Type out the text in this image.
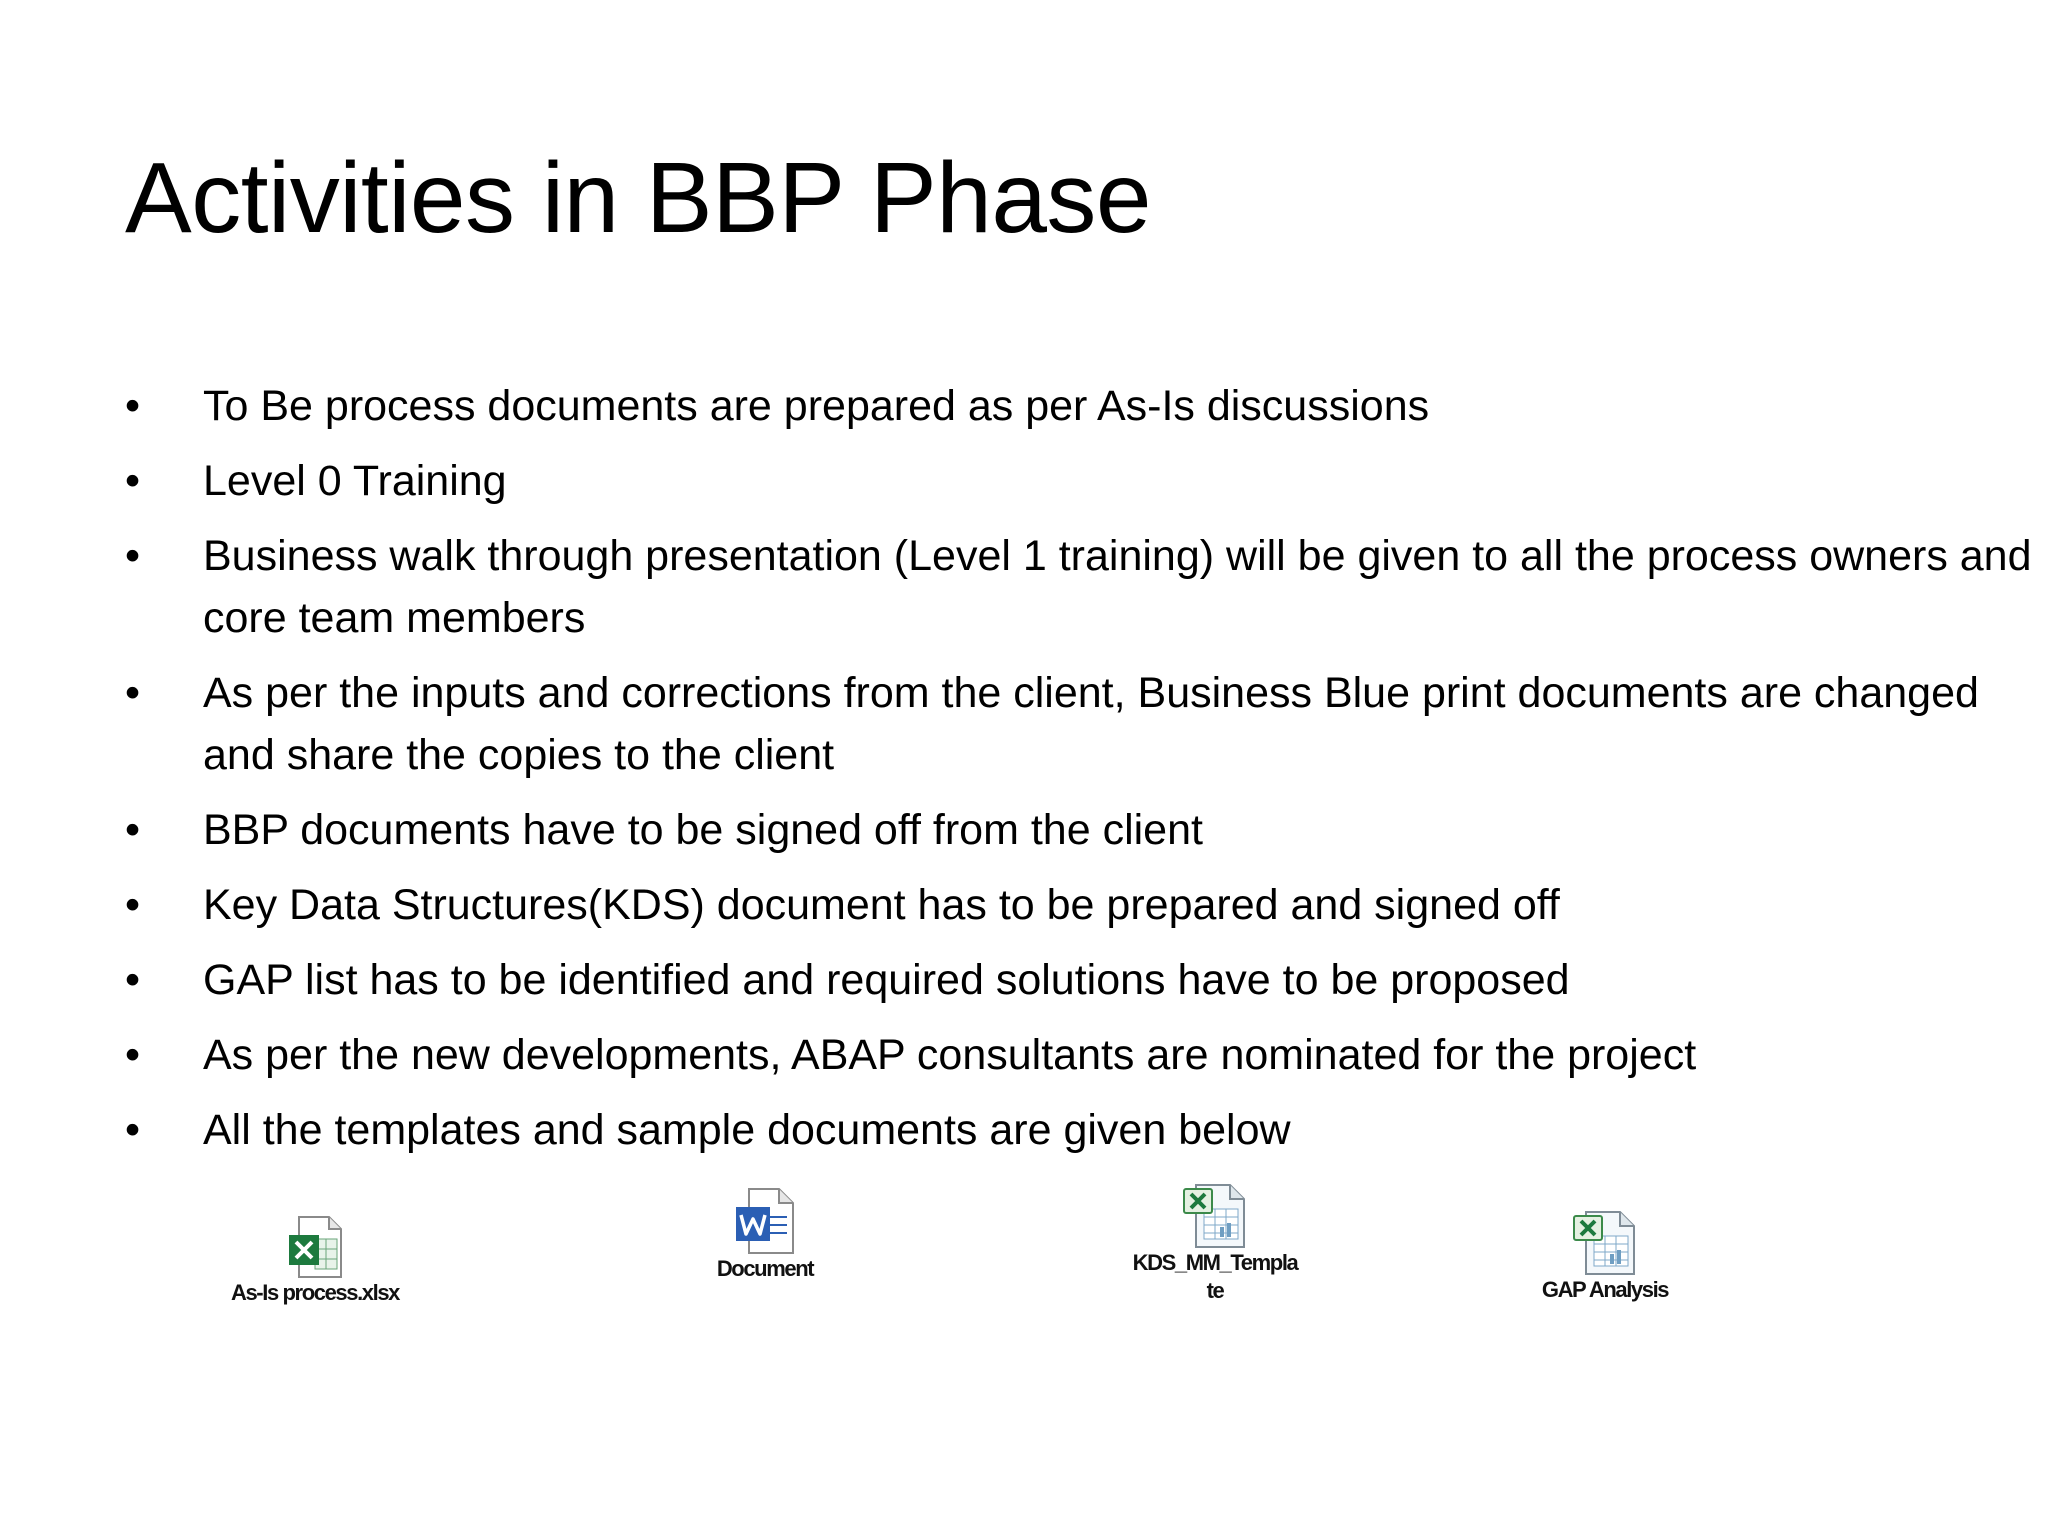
Activities in BBP Phase
•	To Be process documents are prepared as per As-Is discussions
•	Level 0 Training
•	Business walk through presentation (Level 1 training) will be given to all the process owners and core team members
•	As per the inputs and corrections from the client, Business Blue print documents are changed and share the copies to the client
•	BBP documents have to be signed off from the client
•	Key Data Structures(KDS) document has to be prepared and signed off
•	GAP list has to be identified and required solutions have to be proposed
•	As per the new developments, ABAP consultants are nominated for the project
•	All the templates and sample documents are given below
As-Is process.xlsx
Document	KDS_MM_Templa
te	GAP Analysis
